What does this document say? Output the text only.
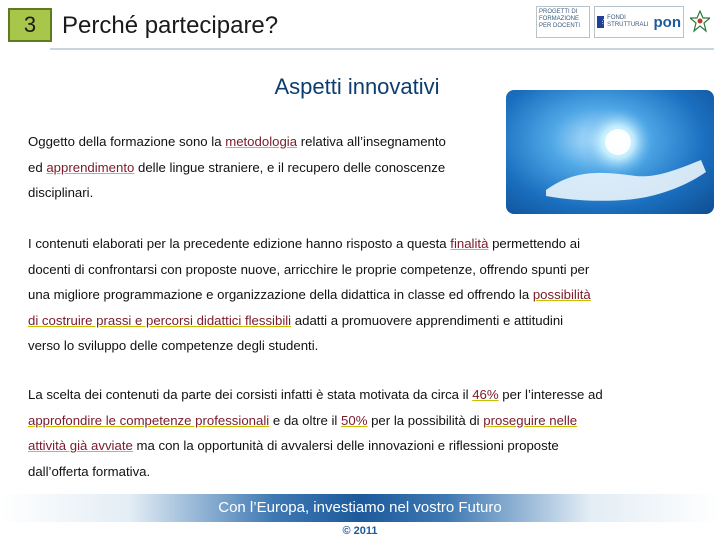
3	Perché partecipare?	PROGETTI DI FORMAZIONE PER DOCENTI
FONDI STRUTTURALI pon
Aspetti innovativi
Oggetto della formazione sono la metodologia relativa all’insegnamento
ed apprendimento delle lingue straniere, e il recupero delle conoscenze
disciplinari.
I contenuti elaborati per la precedente edizione hanno risposto a questa finalità permettendo ai
docenti di confrontarsi con proposte nuove, arricchire le proprie competenze, offrendo spunti per
una migliore programmazione e organizzazione della didattica in classe ed offrendo la possibilità
di costruire prassi e percorsi didattici flessibili adatti a promuovere apprendimenti e attitudini
verso lo sviluppo delle competenze degli studenti.
La scelta dei contenuti da parte dei corsisti infatti è stata motivata da circa il 46% per l’interesse ad
approfondire le competenze professionali e da oltre il 50% per la possibilità di proseguire nelle
attività già avviate ma con la opportunità di avvalersi delle innovazioni e riflessioni proposte
dall’offerta formativa.
Con l’Europa, investiamo nel vostro Futuro
© 2011
